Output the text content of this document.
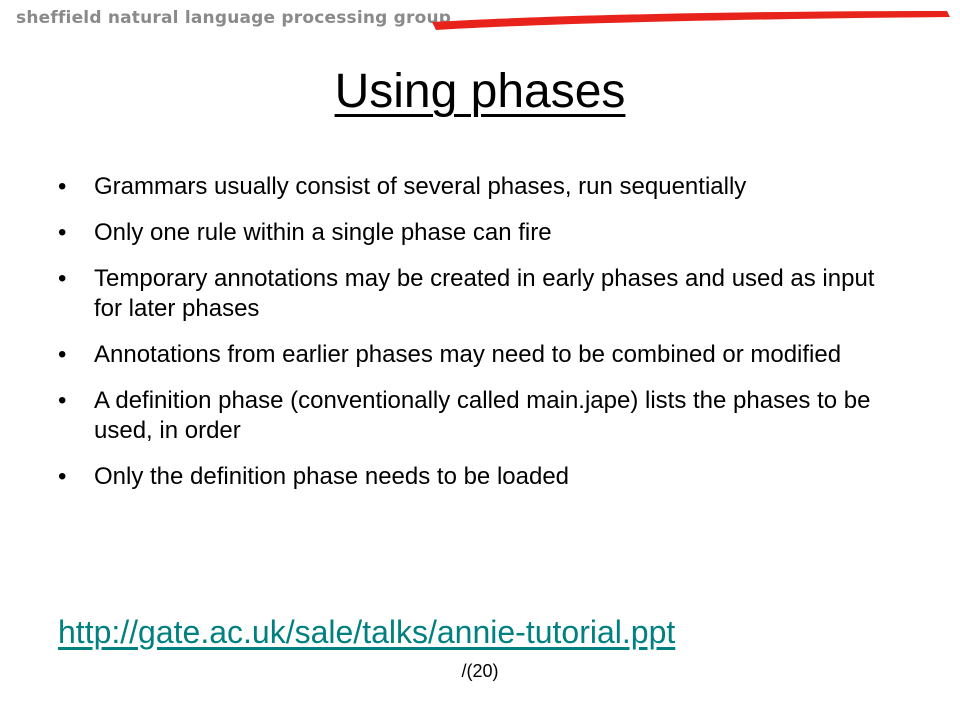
sheffield natural language processing group
Using phases
• Grammars usually consist of several phases, run sequentially
• Only one rule within a single phase can fire
• Temporary annotations may be created in early phases and used as input for later phases
• Annotations from earlier phases may need to be combined or modified
• A definition phase (conventionally called main.jape) lists the phases to be used, in order
• Only the definition phase needs to be loaded
http://gate.ac.uk/sale/talks/annie-tutorial.ppt
/(20)
